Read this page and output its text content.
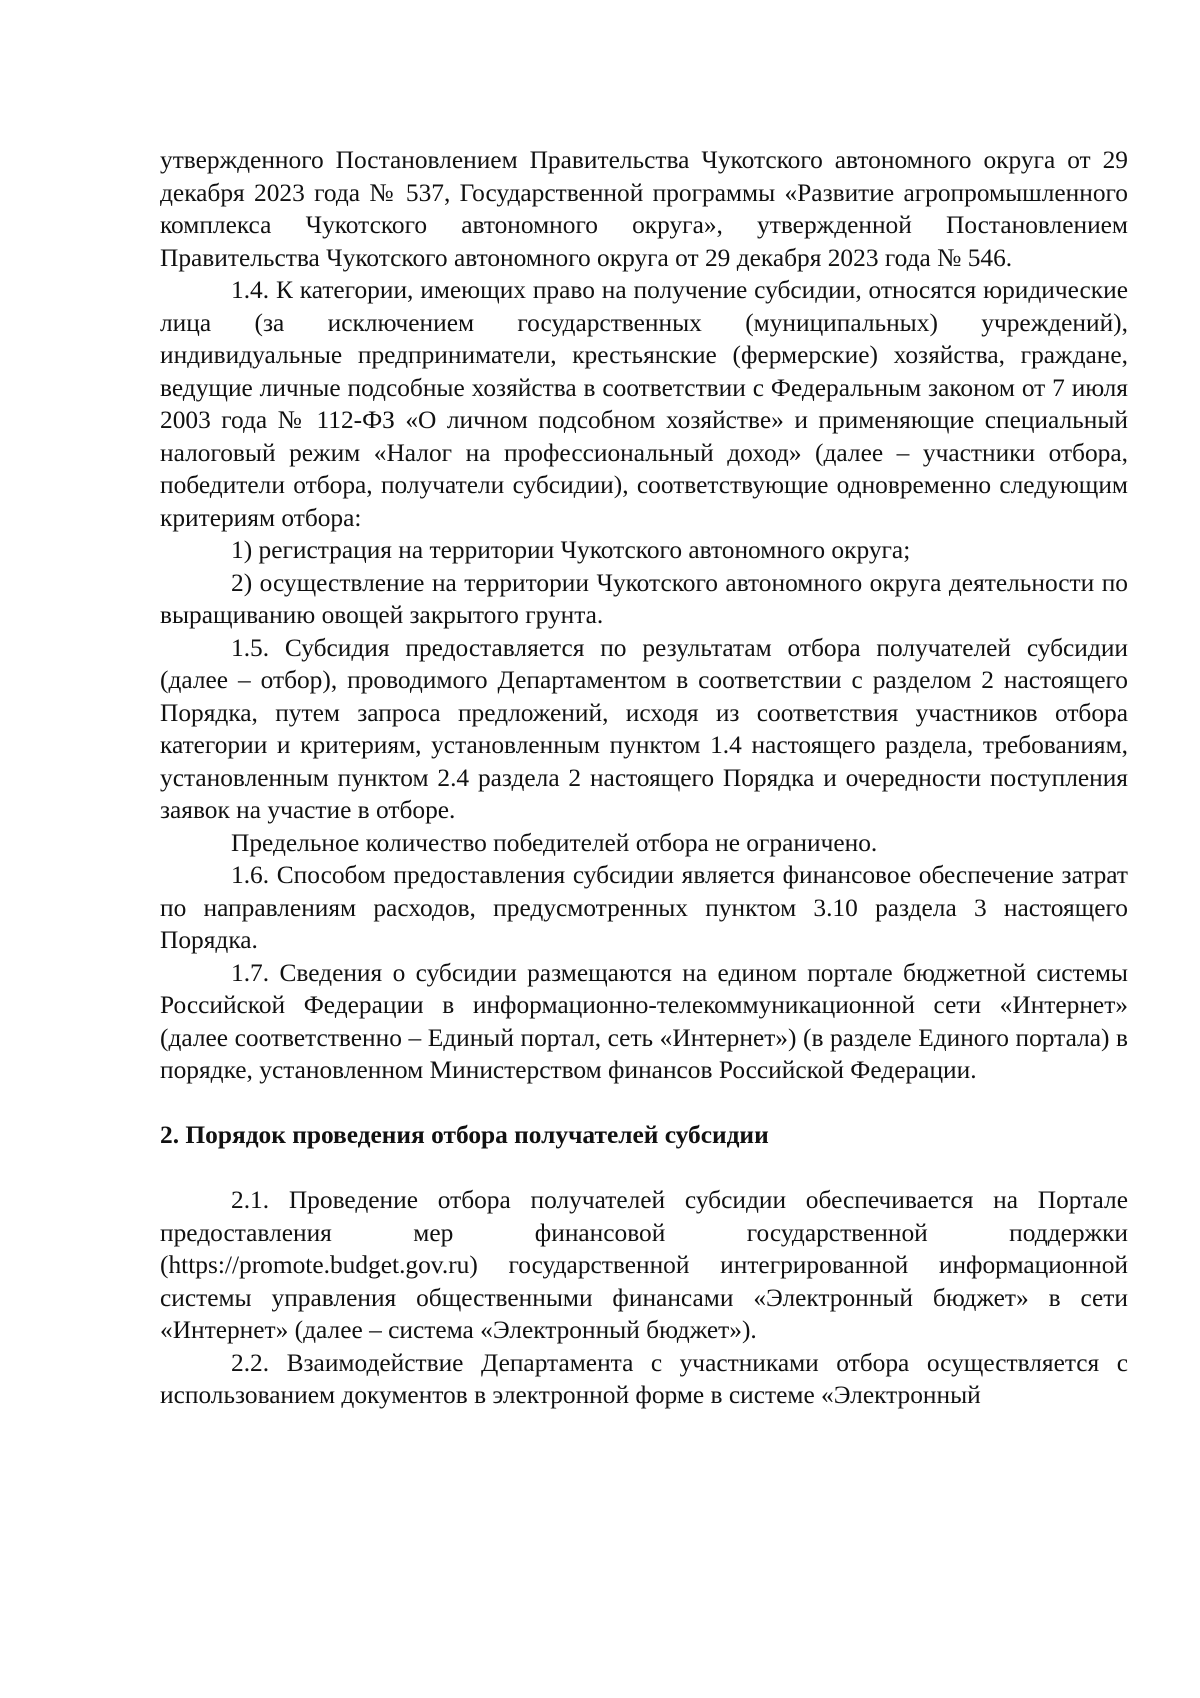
утвержденного Постановлением Правительства Чукотского автономного округа от 29 декабря 2023 года № 537, Государственной программы «Развитие агропромышленного комплекса Чукотского автономного округа», утвержденной Постановлением Правительства Чукотского автономного округа от 29 декабря 2023 года № 546.

1.4. К категории, имеющих право на получение субсидии, относятся юридические лица (за исключением государственных (муниципальных) учреждений), индивидуальные предприниматели, крестьянские (фермерские) хозяйства, граждане, ведущие личные подсобные хозяйства в соответствии с Федеральным законом от 7 июля 2003 года № 112-ФЗ «О личном подсобном хозяйстве» и применяющие специальный налоговый режим «Налог на профессиональный доход» (далее – участники отбора, победители отбора, получатели субсидии), соответствующие одновременно следующим критериям отбора:

1) регистрация на территории Чукотского автономного округа;

2) осуществление на территории Чукотского автономного округа деятельности по выращиванию овощей закрытого грунта.

1.5. Субсидия предоставляется по результатам отбора получателей субсидии (далее – отбор), проводимого Департаментом в соответствии с разделом 2 настоящего Порядка, путем запроса предложений, исходя из соответствия участников отбора категории и критериям, установленным пунктом 1.4 настоящего раздела, требованиям, установленным пунктом 2.4 раздела 2 настоящего Порядка и очередности поступления заявок на участие в отборе.

Предельное количество победителей отбора не ограничено.

1.6. Способом предоставления субсидии является финансовое обеспечение затрат по направлениям расходов, предусмотренных пунктом 3.10 раздела 3 настоящего Порядка.

1.7. Сведения о субсидии размещаются на едином портале бюджетной системы Российской Федерации в информационно-телекоммуникационной сети «Интернет» (далее соответственно – Единый портал, сеть «Интернет») (в разделе Единого портала) в порядке, установленном Министерством финансов Российской Федерации.

2. Порядок проведения отбора получателей субсидии

2.1. Проведение отбора получателей субсидии обеспечивается на Портале предоставления мер финансовой государственной поддержки (https://promote.budget.gov.ru) государственной интегрированной информационной системы управления общественными финансами «Электронный бюджет» в сети «Интернет» (далее – система «Электронный бюджет»).

2.2. Взаимодействие Департамента с участниками отбора осуществляется с использованием документов в электронной форме в системе «Электронный
